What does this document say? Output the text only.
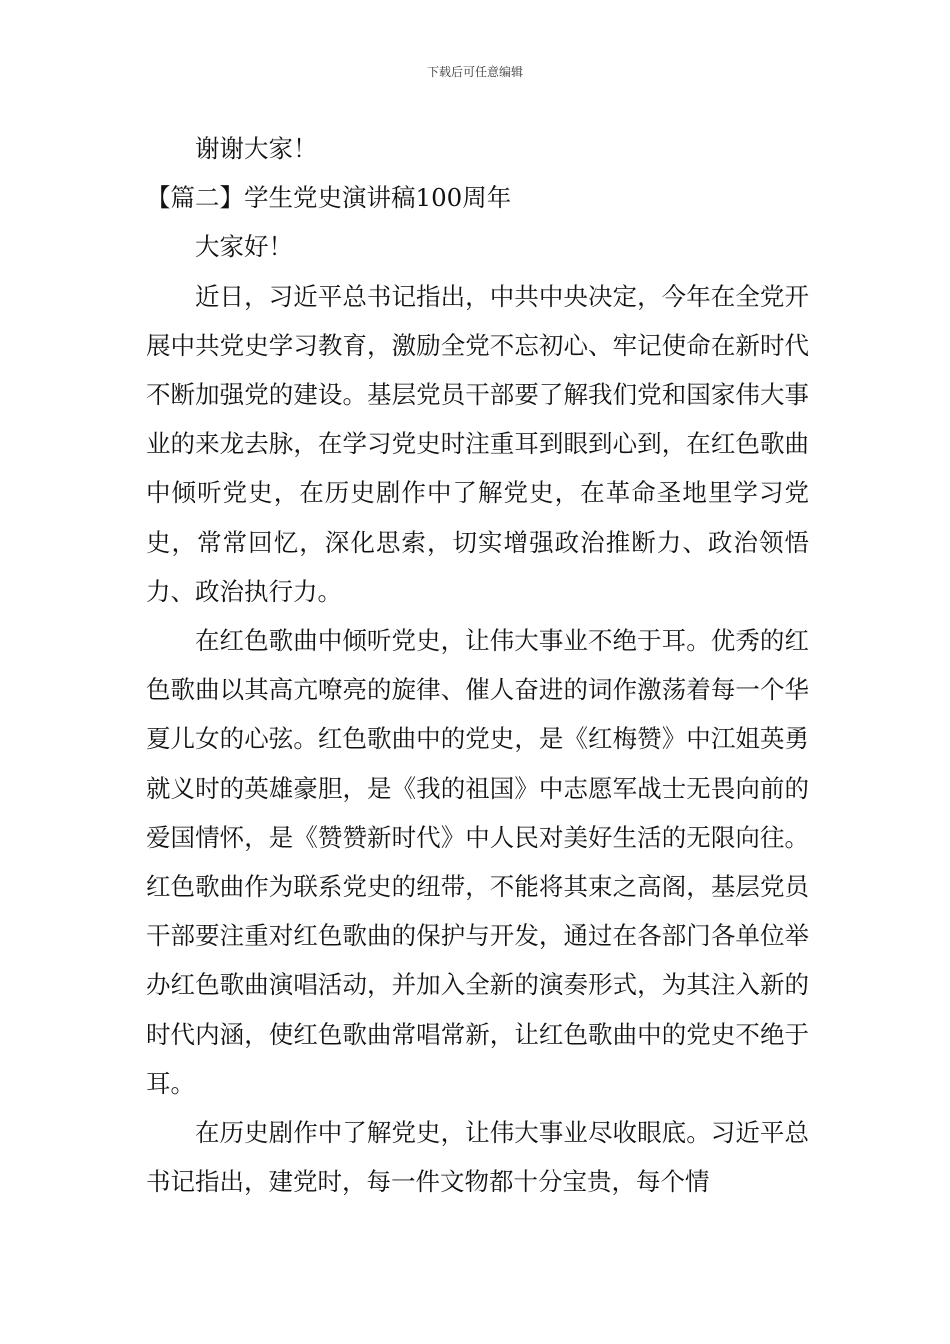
下载后可任意编辑

谢谢大家！

【篇二】学生党史演讲稿100周年

大家好！

近日，习近平总书记指出，中共中央决定，今年在全党开展中共党史学习教育，激励全党不忘初心、牢记使命在新时代不断加强党的建设。基层党员干部要了解我们党和国家伟大事业的来龙去脉，在学习党史时注重耳到眼到心到，在红色歌曲中倾听党史，在历史剧作中了解党史，在革命圣地里学习党史，常常回忆，深化思索，切实增强政治推断力、政治领悟力、政治执行力。

在红色歌曲中倾听党史，让伟大事业不绝于耳。优秀的红色歌曲以其高亢嘹亮的旋律、催人奋进的词作激荡着每一个华夏儿女的心弦。红色歌曲中的党史，是《红梅赞》中江姐英勇就义时的英雄豪胆，是《我的祖国》中志愿军战士无畏向前的爱国情怀，是《赞赞新时代》中人民对美好生活的无限向往。红色歌曲作为联系党史的纽带，不能将其束之高阁，基层党员干部要注重对红色歌曲的保护与开发，通过在各部门各单位举办红色歌曲演唱活动，并加入全新的演奏形式，为其注入新的时代内涵，使红色歌曲常唱常新，让红色歌曲中的党史不绝于耳。

在历史剧作中了解党史，让伟大事业尽收眼底。习近平总书记指出，建党时，每一件文物都十分宝贵，每个情
